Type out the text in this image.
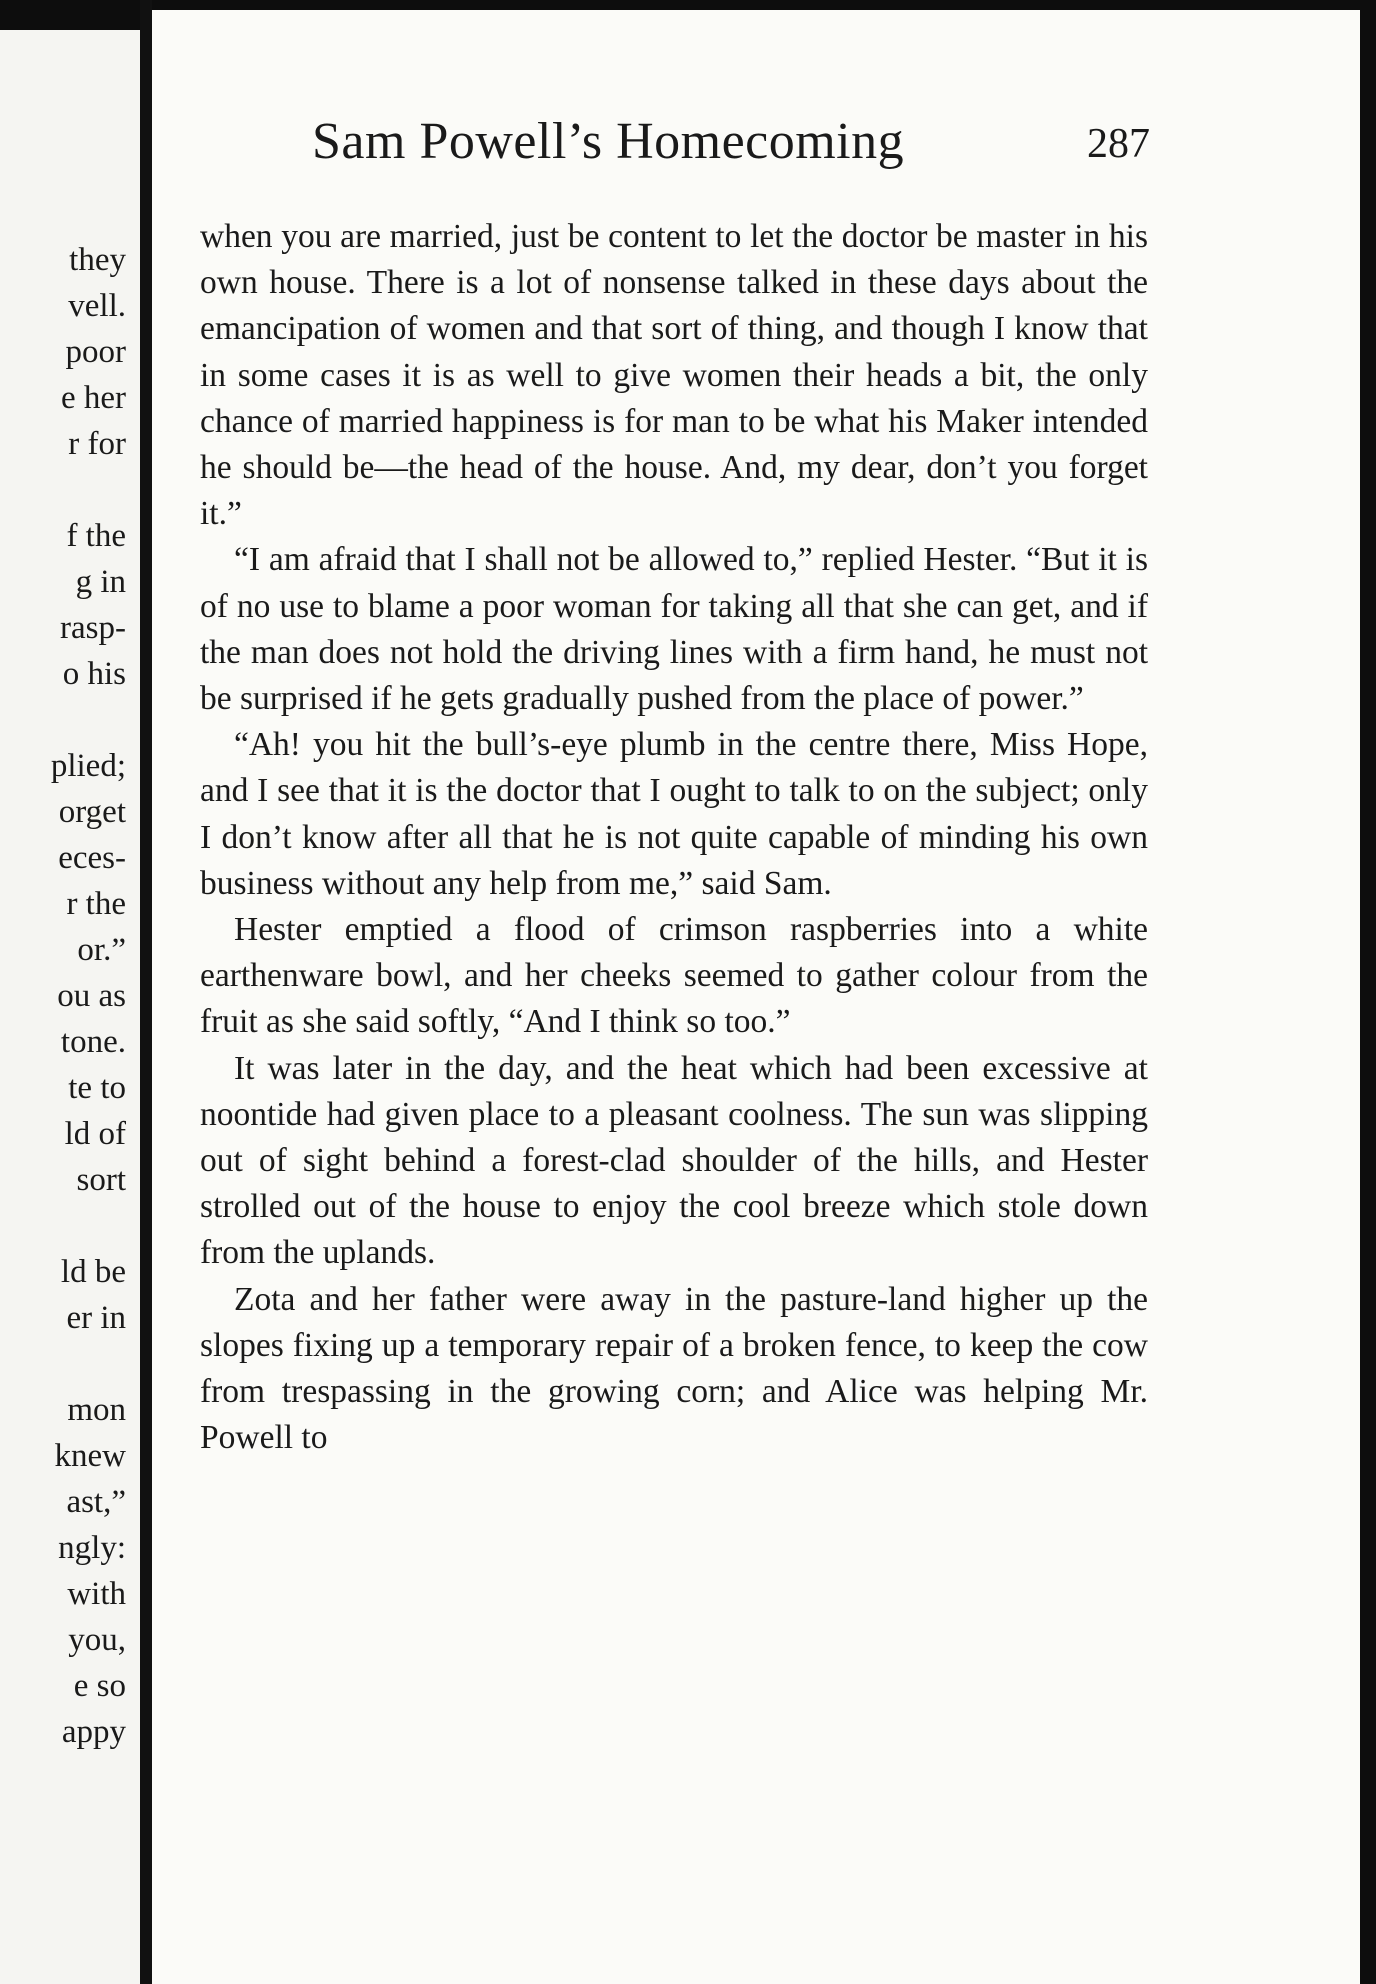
they
vell.
poor
e her
r for
f the
g in
rasp-
o his
plied;
orget
eces-
r the
or.”
ou as
tone.
te to
ld of
sort
ld be
er in
mon
knew
ast,”
ngly:
with
you,
e so
appy
Sam Powell’s Homecoming	287

when you are married, just be content to let the doctor be master in his own house. There is a lot of nonsense talked in these days about the emancipation of women and that sort of thing, and though I know that in some cases it is as well to give women their heads a bit, the only chance of married happiness is for man to be what his Maker intended he should be—the head of the house. And, my dear, don’t you forget it.”

“I am afraid that I shall not be allowed to,” replied Hester. “But it is of no use to blame a poor woman for taking all that she can get, and if the man does not hold the driving lines with a firm hand, he must not be surprised if he gets gradually pushed from the place of power.”

“Ah! you hit the bull’s-eye plumb in the centre there, Miss Hope, and I see that it is the doctor that I ought to talk to on the subject; only I don’t know after all that he is not quite capable of minding his own business without any help from me,” said Sam.

Hester emptied a flood of crimson raspberries into a white earthenware bowl, and her cheeks seemed to gather colour from the fruit as she said softly, “And I think so too.”

It was later in the day, and the heat which had been excessive at noontide had given place to a pleasant coolness. The sun was slipping out of sight behind a forest-clad shoulder of the hills, and Hester strolled out of the house to enjoy the cool breeze which stole down from the uplands.

Zota and her father were away in the pasture-land higher up the slopes fixing up a temporary repair of a broken fence, to keep the cow from trespassing in the growing corn; and Alice was helping Mr. Powell to
